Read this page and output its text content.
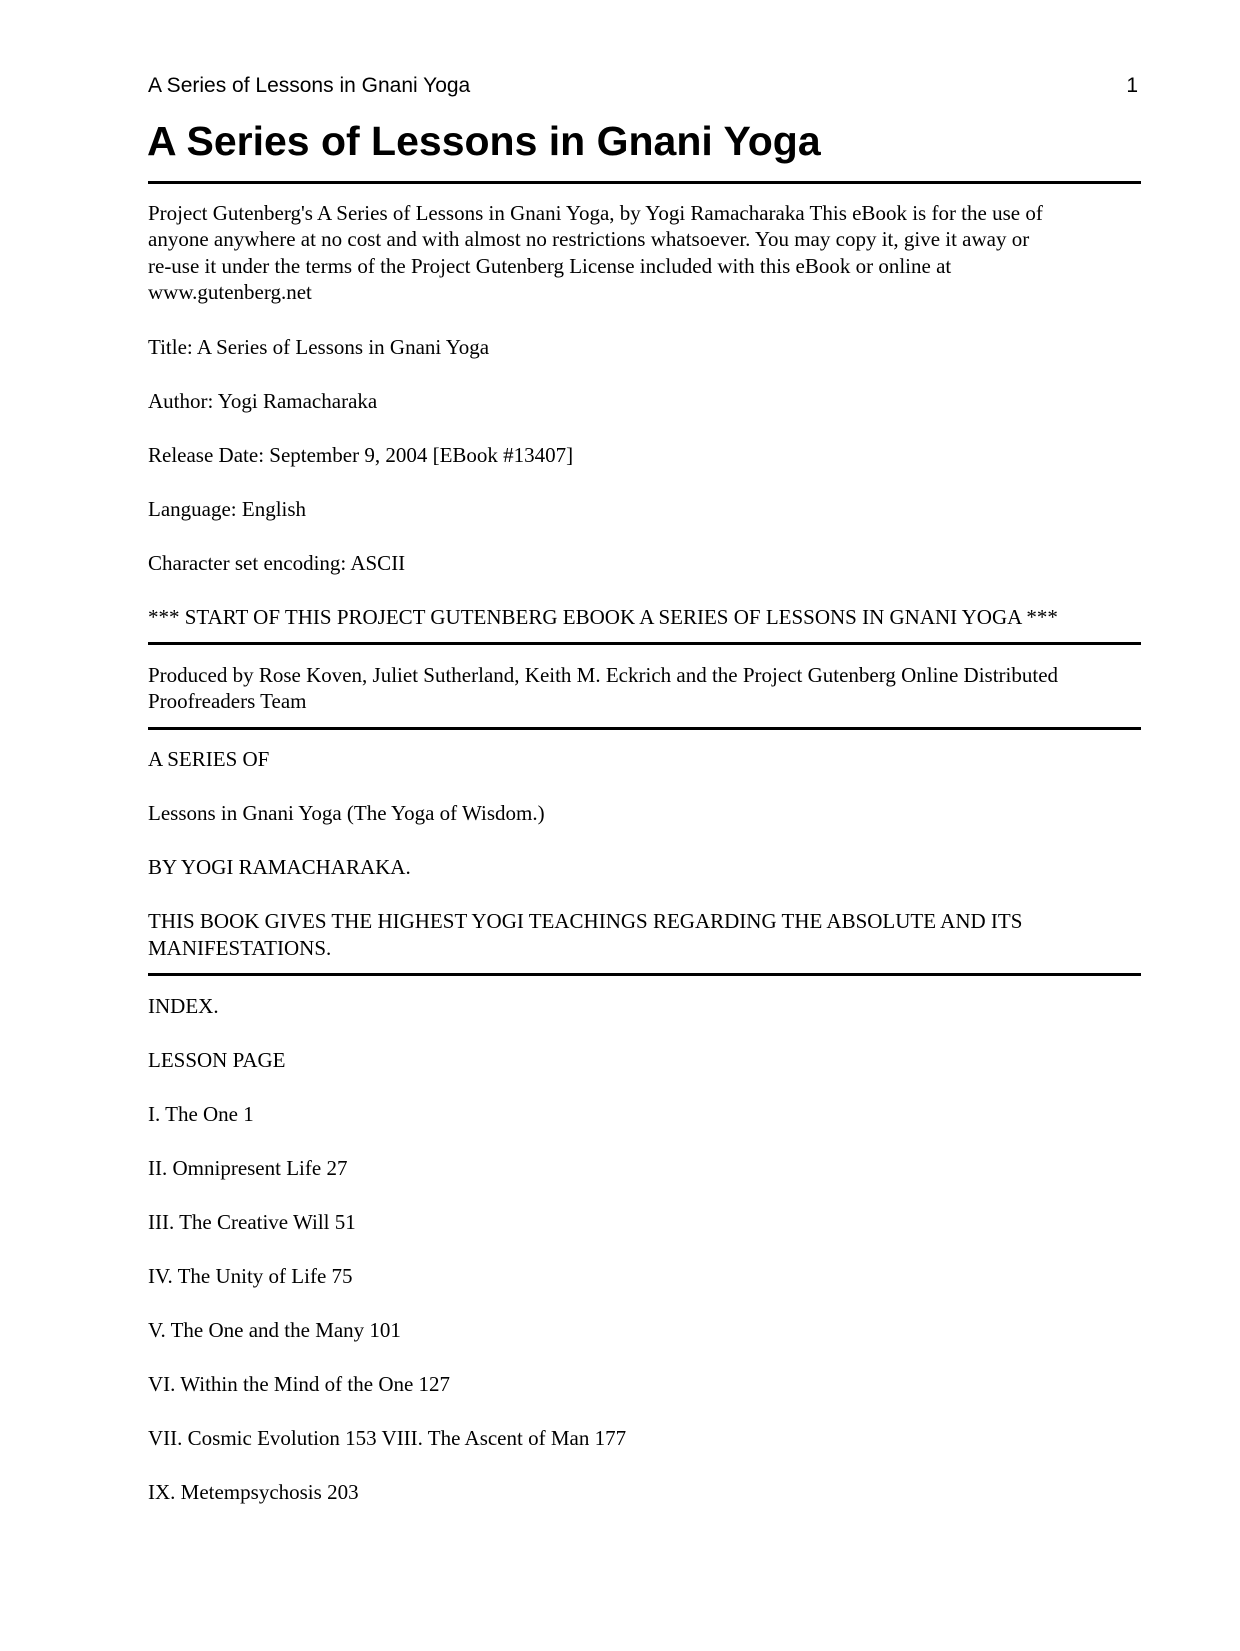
A Series of Lessons in Gnani Yoga	1
A Series of Lessons in Gnani Yoga

Project Gutenberg's A Series of Lessons in Gnani Yoga, by Yogi Ramacharaka This eBook is for the use of

anyone anywhere at no cost and with almost no restrictions whatsoever. You may copy it, give it away or

re-use it under the terms of the Project Gutenberg License included with this eBook or online at

www.gutenberg.net

Title: A Series of Lessons in Gnani Yoga

Author: Yogi Ramacharaka

Release Date: September 9, 2004 [EBook #13407]

Language: English

Character set encoding: ASCII

*** START OF THIS PROJECT GUTENBERG EBOOK A SERIES OF LESSONS IN GNANI YOGA ***

Produced by Rose Koven, Juliet Sutherland, Keith M. Eckrich and the Project Gutenberg Online Distributed

Proofreaders Team

A SERIES OF

Lessons in Gnani Yoga (The Yoga of Wisdom.)

BY YOGI RAMACHARAKA.

THIS BOOK GIVES THE HIGHEST YOGI TEACHINGS REGARDING THE ABSOLUTE AND ITS

MANIFESTATIONS.

INDEX.

LESSON PAGE

I. The One 1

II. Omnipresent Life 27

III. The Creative Will 51

IV. The Unity of Life 75

V. The One and the Many 101

VI. Within the Mind of the One 127

VII. Cosmic Evolution 153 VIII. The Ascent of Man 177

IX. Metempsychosis 203
